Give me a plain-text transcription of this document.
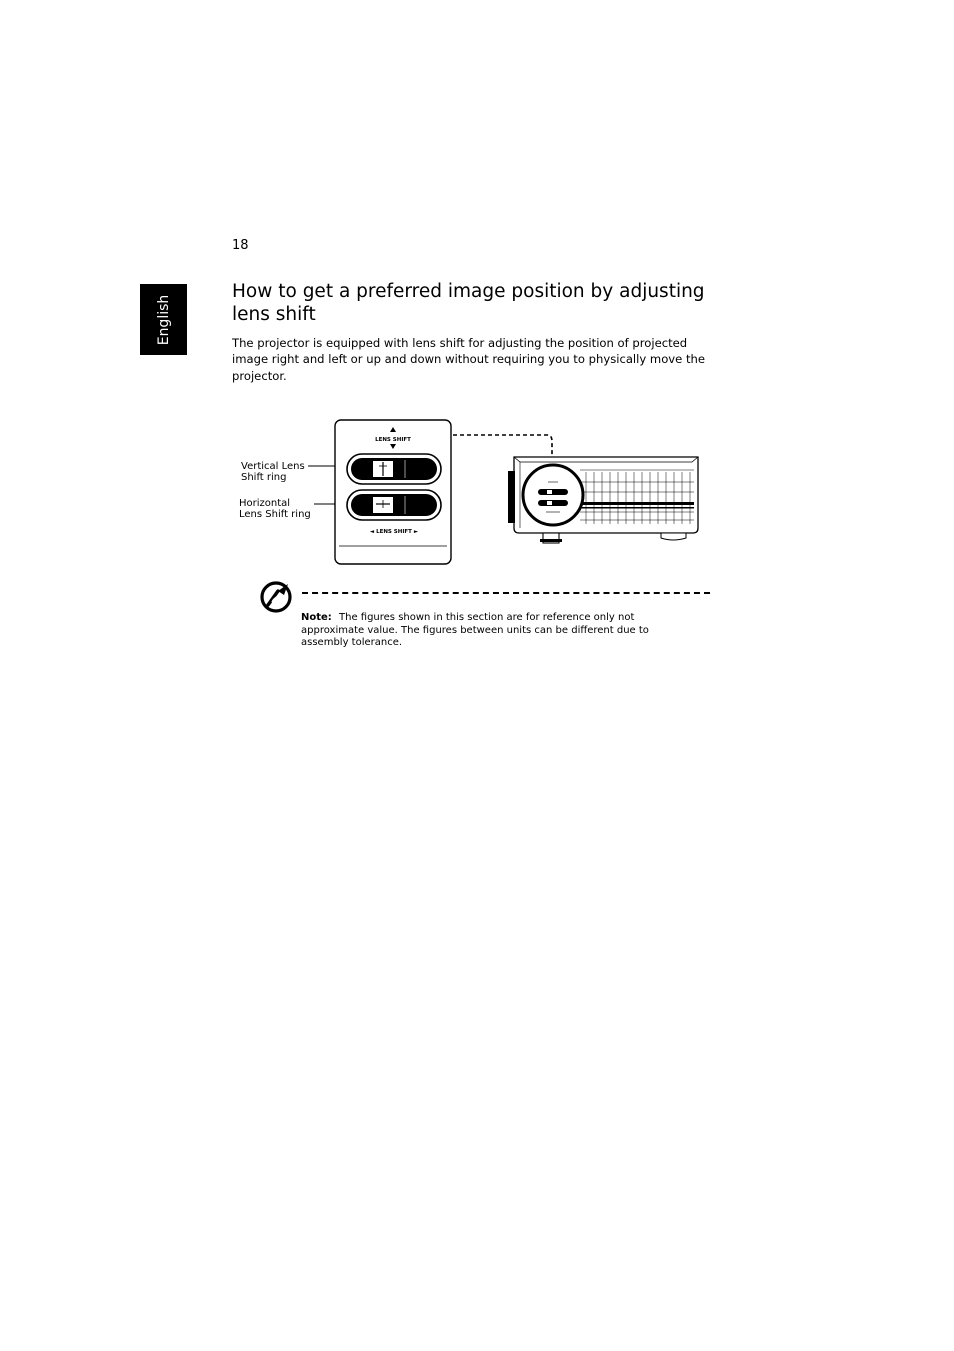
18
English
How to get a preferred image position by adjusting lens shift

The projector is equipped with lens shift for adjusting the position of projected image right and left or up and down without requiring you to physically move the projector.

LENS SHIFT
◄ LENS SHIFT ►
Vertical Lens
Shift ring
Horizontal
Lens Shift ring

Note: The figures shown in this section are for reference only not approximate value. The figures between units can be different due to assembly tolerance.
